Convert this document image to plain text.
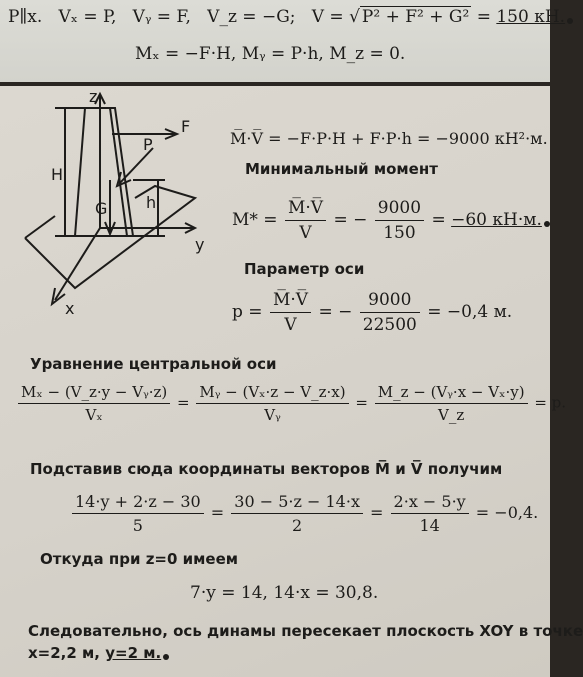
P∥x. Vₓ = P, Vᵧ = F, V_z = −G; V = √ P² + F² + G² = 150 кН.
Mₓ = −F·H, Mᵧ = P·h, M_z = 0.
z
y
x
F
P
G
H
h
M̅·V̅ = −F·P·H + F·P·h = −9000 кН²·м.
Минимальный момент
$M* = \frac{M̅\cdot V̅}{V}$ = − $\frac{9000}{150} = -60$ кН·м.
Параметр оси
$p = \frac{M̅\cdot V̅}{V}$ = − $\frac{9000}{22500} = -0,4$ м.
Уравнение центральной оси
$\frac{\text{Mₓ − (V\_z·y − Vᵧ·z)}}{\text{Vₓ}} = \frac{\text{Mᵧ − (Vₓ·z − V\_z·x)}}{\text{Vᵧ}} = \frac{\text{M\_z − (Vᵧ·x − Vₓ·y)}}{V\_z} = p$.
Подставив сюда координаты векторов M̅ и V̅ получим
$\frac{14\cdot y + 2\cdot z - 30}{5} = \frac{30 - 5\cdot z - 14\cdot x}{2} = \frac{2\cdot x - 5\cdot y}{14} = -0,4$.
Откуда при z=0 имеем
7·y = 14, 14·x = 30,8.
Следовательно, ось динамы пересекает плоскость XOY в точке
x=2,2 м, y=2 м.
